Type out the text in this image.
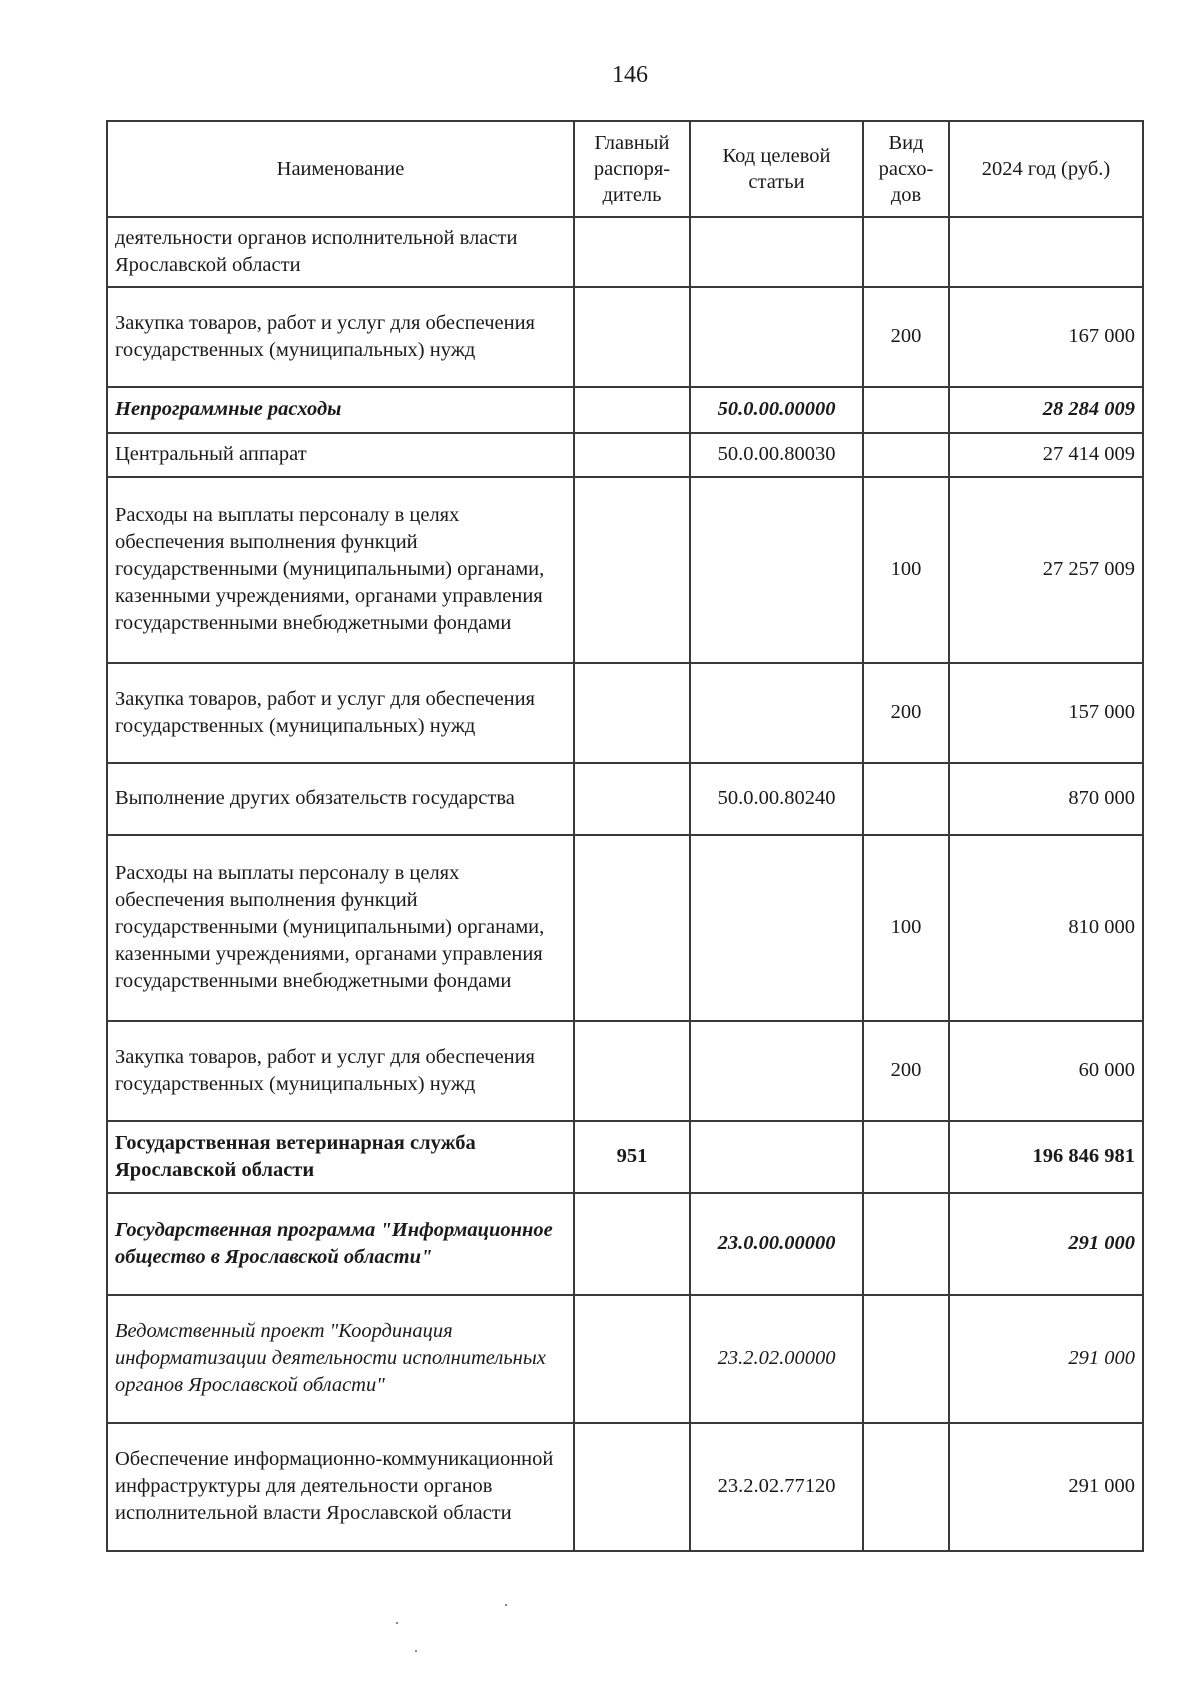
146
Наименование	Главный распоря-дитель	Код целевой статьи	Вид расхо-дов	2024 год (руб.)
деятельности органов исполнительной власти Ярославской области				
Закупка товаров, работ и услуг для обеспечения государственных (муниципальных) нужд			200	167 000
Непрограммные расходы		50.0.00.00000		28 284 009
Центральный аппарат		50.0.00.80030		27 414 009
Расходы на выплаты персоналу в целях обеспечения выполнения функций государственными (муниципальными) органами, казенными учреждениями, органами управления государственными внебюджетными фондами			100	27 257 009
Закупка товаров, работ и услуг для обеспечения государственных (муниципальных) нужд			200	157 000
Выполнение других обязательств государства		50.0.00.80240		870 000
Расходы на выплаты персоналу в целях обеспечения выполнения функций государственными (муниципальными) органами, казенными учреждениями, органами управления государственными внебюджетными фондами			100	810 000
Закупка товаров, работ и услуг для обеспечения государственных (муниципальных) нужд			200	60 000
Государственная ветеринарная служба Ярославской области	951			196 846 981
Государственная программа "Информационное общество в Ярославской области"		23.0.00.00000		291 000
Ведомственный проект "Координация информатизации деятельности исполнительных органов Ярославской области"		23.2.02.00000		291 000
Обеспечение информационно-коммуникационной инфраструктуры для деятельности органов исполнительной власти Ярославской области		23.2.02.77120		291 000
